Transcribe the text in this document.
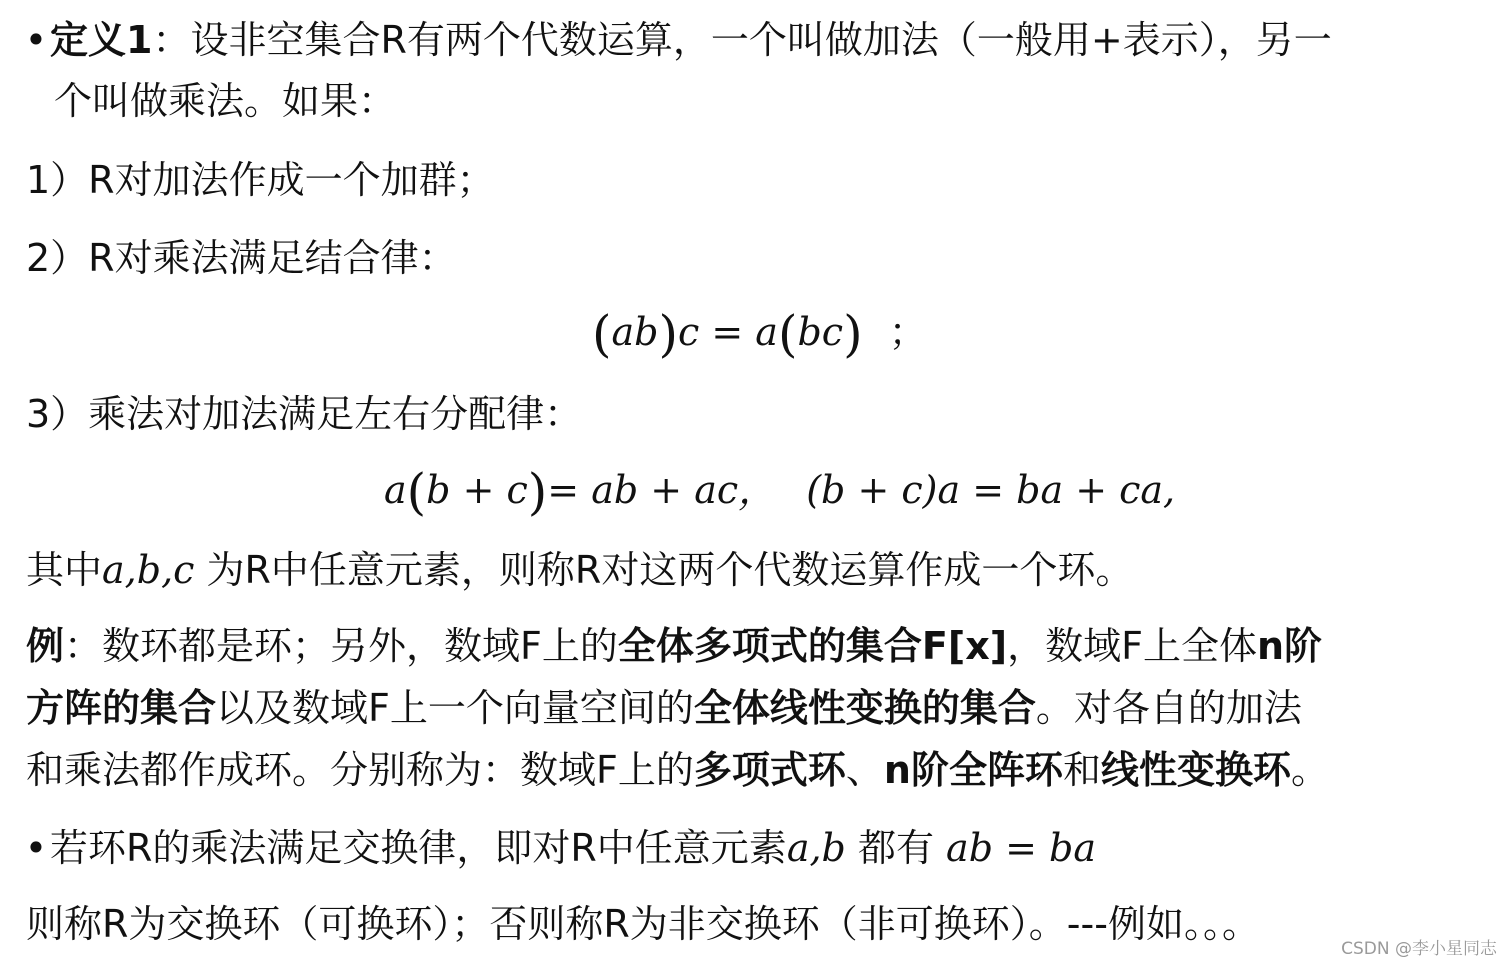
•定义1：设非空集合R有两个代数运算，一个叫做加法（一般用+表示），另一
个叫做乘法。如果：
1）R对加法作成一个加群；
2）R对乘法满足结合律：
(ab)c = a(bc) ；
3）乘法对加法满足左右分配律：
a(b + c)= ab + ac， (b + c)a = ba + ca,
其中a,b,c 为R中任意元素，则称R对这两个代数运算作成一个环。
例：数环都是环；另外，数域F上的全体多项式的集合F[x]，数域F上全体n阶
方阵的集合以及数域F上一个向量空间的全体线性变换的集合。对各自的加法
和乘法都作成环。分别称为：数域F上的多项式环、n阶全阵环和线性变换环。
•若环R的乘法满足交换律，即对R中任意元素a,b 都有 ab = ba
则称R为交换环（可换环）；否则称R为非交换环（非可换环）。---例如。。。
CSDN @李小星同志
